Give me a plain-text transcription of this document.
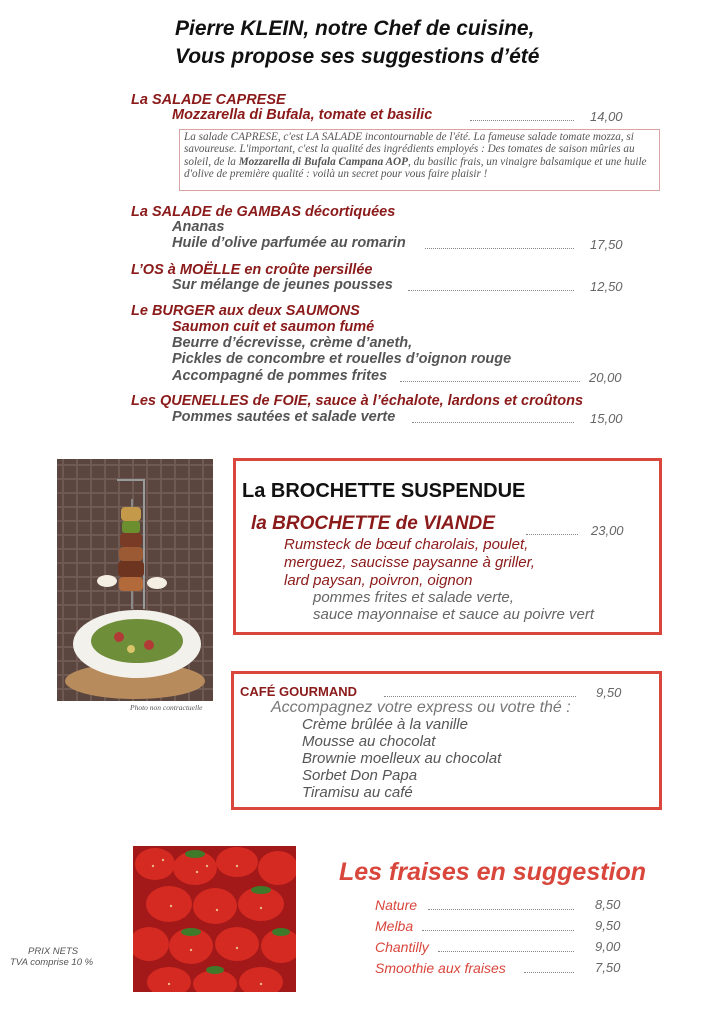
Pierre KLEIN, notre Chef de cuisine,
Vous propose ses suggestions d’été
La SALADE CAPRESE
Mozzarella di Bufala, tomate et basilic	14,00
La salade CAPRESE, c'est LA SALADE incontournable de l'été. La fameuse salade tomate mozza, si savoureuse. L'important, c'est la qualité des ingrédients employés : Des tomates de saison mûries au soleil, de la Mozzarella di Bufala Campana AOP, du basilic frais, un vinaigre balsamique et une huile d'olive de première qualité : voilà un secret pour vous faire plaisir !
La SALADE de GAMBAS décortiquées
Ananas
Huile d’olive parfumée au romarin	17,50
L’OS à MOËLLE en croûte persillée
Sur mélange de jeunes pousses	12,50
Le BURGER aux deux SAUMONS
Saumon cuit et saumon fumé
Beurre d’écrevisse, crème d’aneth,
Pickles de concombre et rouelles d’oignon rouge
Accompagné de pommes frites	20,00
Les QUENELLES de FOIE, sauce à l’échalote, lardons et croûtons
Pommes sautées et salade verte	15,00
Photo non contractuelle
La BROCHETTE SUSPENDUE
la BROCHETTE de VIANDE	23,00
Rumsteck de bœuf charolais, poulet,
merguez, saucisse paysanne à griller,
lard paysan, poivron, oignon
pommes frites et salade verte,
sauce mayonnaise et sauce au poivre vert
CAFÉ GOURMAND	9,50
Accompagnez votre express ou votre thé :
Crème brûlée à la vanille
Mousse au chocolat
Brownie moelleux au chocolat
Sorbet Don Papa
Tiramisu au café
Les fraises en suggestion
Nature	8,50
Melba	9,50
Chantilly	9,00
Smoothie aux fraises	7,50
PRIX NETS
TVA comprise 10 %
